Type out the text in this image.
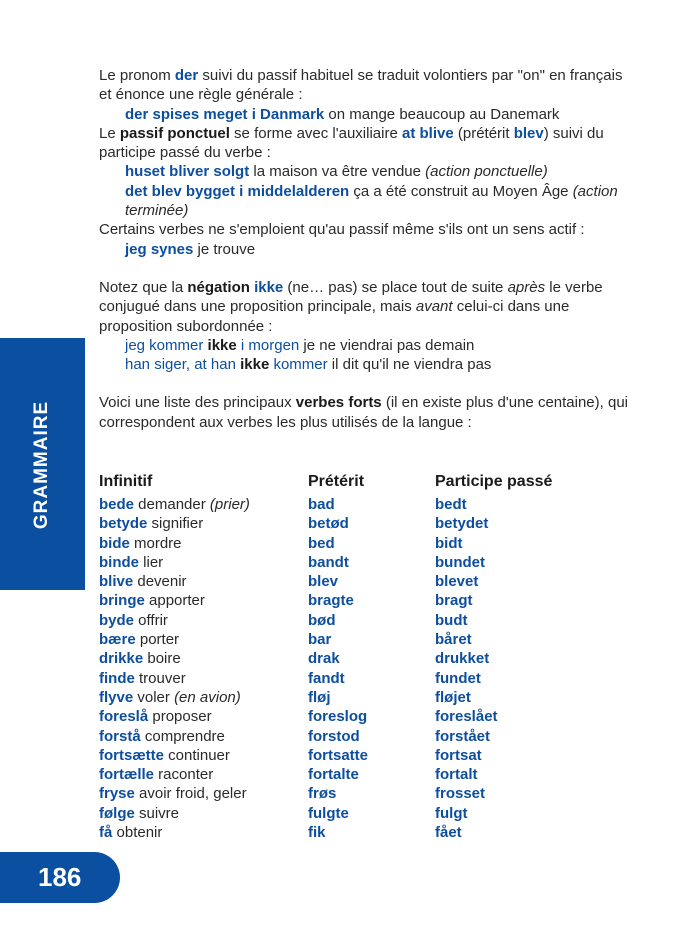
GRAMMAIRE

Le pronom der suivi du passif habituel se traduit volontiers par "on" en français et énonce une règle générale :

der spises meget i Danmark on mange beaucoup au Danemark

Le passif ponctuel se forme avec l'auxiliaire at blive (prétérit blev) suivi du participe passé du verbe :

huset bliver solgt la maison va être vendue (action ponctuelle)

det blev bygget i middelalderen ça a été construit au Moyen Âge (action terminée)

Certains verbes ne s'emploient qu'au passif même s'ils ont un sens actif :

jeg synes je trouve

Notez que la négation ikke (ne… pas) se place tout de suite après le verbe conjugué dans une proposition principale, mais avant celui-ci dans une proposition subordonnée :

jeg kommer ikke i morgen je ne viendrai pas demain

han siger, at han ikke kommer il dit qu'il ne viendra pas

Voici une liste des principaux verbes forts (il en existe plus d'une centaine), qui correspondent aux verbes les plus utilisés de la langue :

Infinitif	Prétérit	Participe passé
bede demander (prier)	bad	bedt
betyde signifier	betød	betydet
bide mordre	bed	bidt
binde lier	bandt	bundet
blive devenir	blev	blevet
bringe apporter	bragte	bragt
byde offrir	bød	budt
bære porter	bar	båret
drikke boire	drak	drukket
finde trouver	fandt	fundet
flyve voler (en avion)	fløj	fløjet
foreslå proposer	foreslog	foreslået
forstå comprendre	forstod	forstået
fortsætte continuer	fortsatte	fortsat
fortælle raconter	fortalte	fortalt
fryse avoir froid, geler	frøs	frosset
følge suivre	fulgte	fulgt
få obtenir	fik	fået
186
